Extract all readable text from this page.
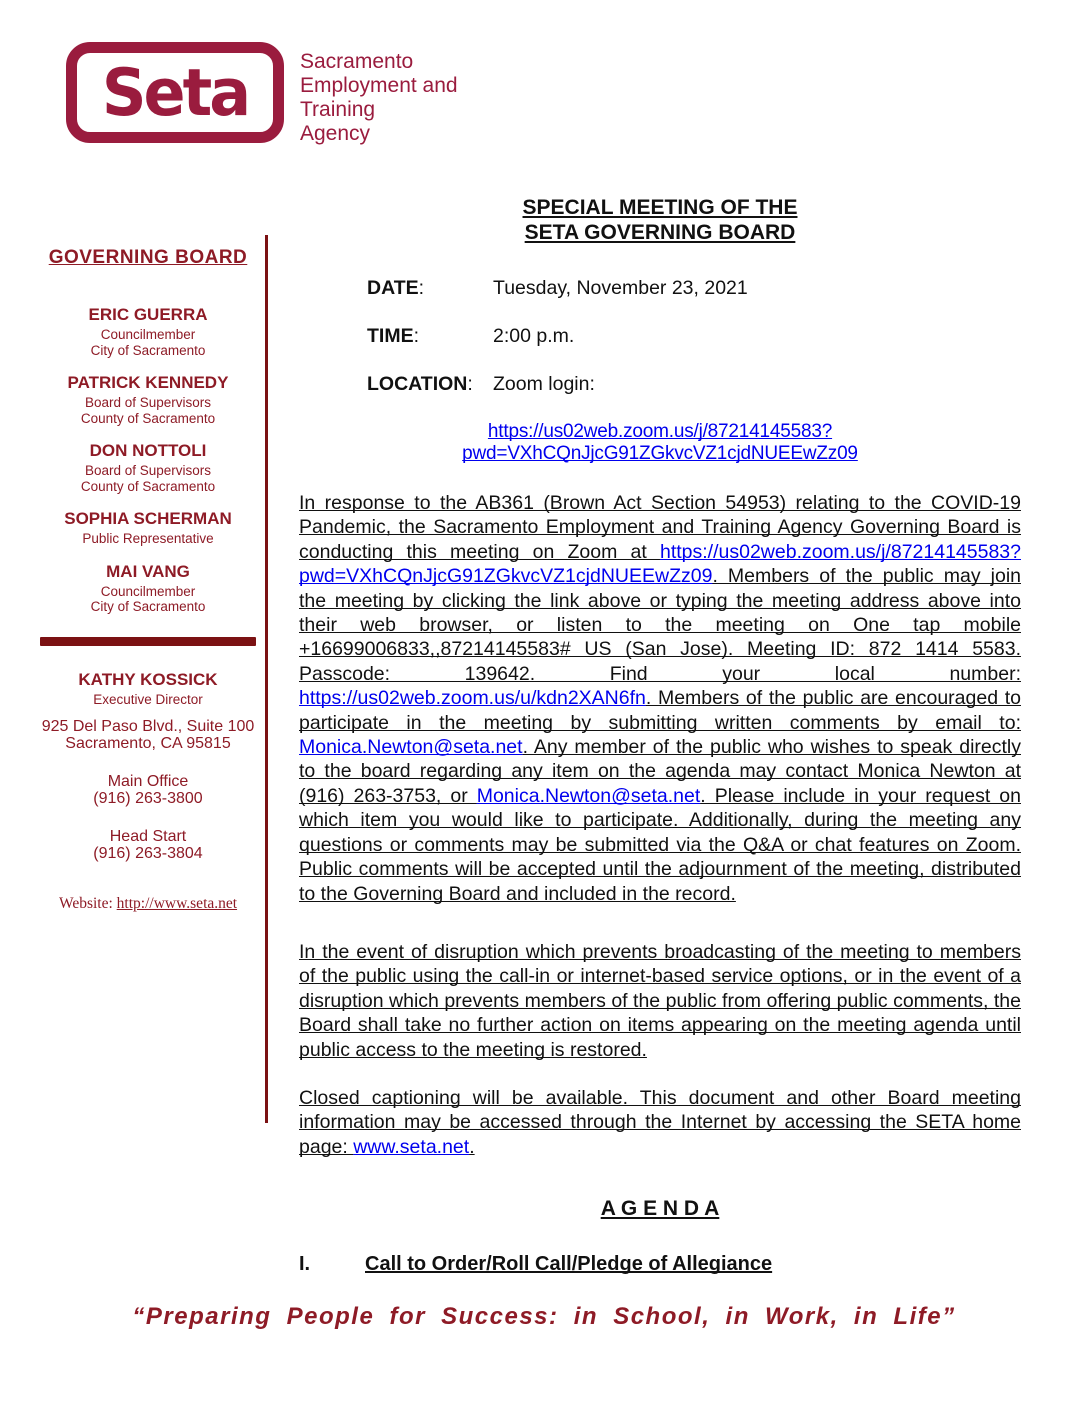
Seta Sacramento
Employment and
Training
Agency
GOVERNING BOARD
ERIC GUERRA
Councilmember
City of Sacramento
PATRICK KENNEDY
Board of Supervisors
County of Sacramento
DON NOTTOLI
Board of Supervisors
County of Sacramento
SOPHIA SCHERMAN
Public Representative
MAI VANG
Councilmember
City of Sacramento
KATHY KOSSICK
Executive Director
925 Del Paso Blvd., Suite 100
Sacramento, CA 95815
Main Office
(916) 263-3800
Head Start
(916) 263-3804
Website: http://www.seta.net
SPECIAL MEETING OF THE
SETA GOVERNING BOARD
DATE:	Tuesday, November 23, 2021
TIME:	2:00 p.m.
LOCATION:	Zoom login:
https://us02web.zoom.us/j/87214145583?pwd=VXhCQnJjcG91ZGkvcVZ1cjdNUEEwZz09

In response to the AB361 (Brown Act Section 54953) relating to the COVID-19 Pandemic, the Sacramento Employment and Training Agency Governing Board is conducting this meeting on Zoom at https://us02web.zoom.us/j/87214145583?pwd=VXhCQnJjcG91ZGkvcVZ1cjdNUEEwZz09. Members of the public may join the meeting by clicking the link above or typing the meeting address above into their web browser, or listen to the meeting on One tap mobile +16699006833,,87214145583# US (San Jose). Meeting ID: 872 1414 5583. Passcode: 139642. Find your local number: https://us02web.zoom.us/u/kdn2XAN6fn. Members of the public are encouraged to participate in the meeting by submitting written comments by email to: Monica.Newton@seta.net. Any member of the public who wishes to speak directly to the board regarding any item on the agenda may contact Monica Newton at (916) 263-3753, or Monica.Newton@seta.net. Please include in your request on which item you would like to participate. Additionally, during the meeting any questions or comments may be submitted via the Q&A or chat features on Zoom. Public comments will be accepted until the adjournment of the meeting, distributed to the Governing Board and included in the record.

In the event of disruption which prevents broadcasting of the meeting to members of the public using the call-in or internet-based service options, or in the event of a disruption which prevents members of the public from offering public comments, the Board shall take no further action on items appearing on the meeting agenda until public access to the meeting is restored.

Closed captioning will be available. This document and other Board meeting information may be accessed through the Internet by accessing the SETA home page: www.seta.net.

A G E N D A
I.	Call to Order/Roll Call/Pledge of Allegiance
“Preparing People for Success: in School, in Work, in Life”
